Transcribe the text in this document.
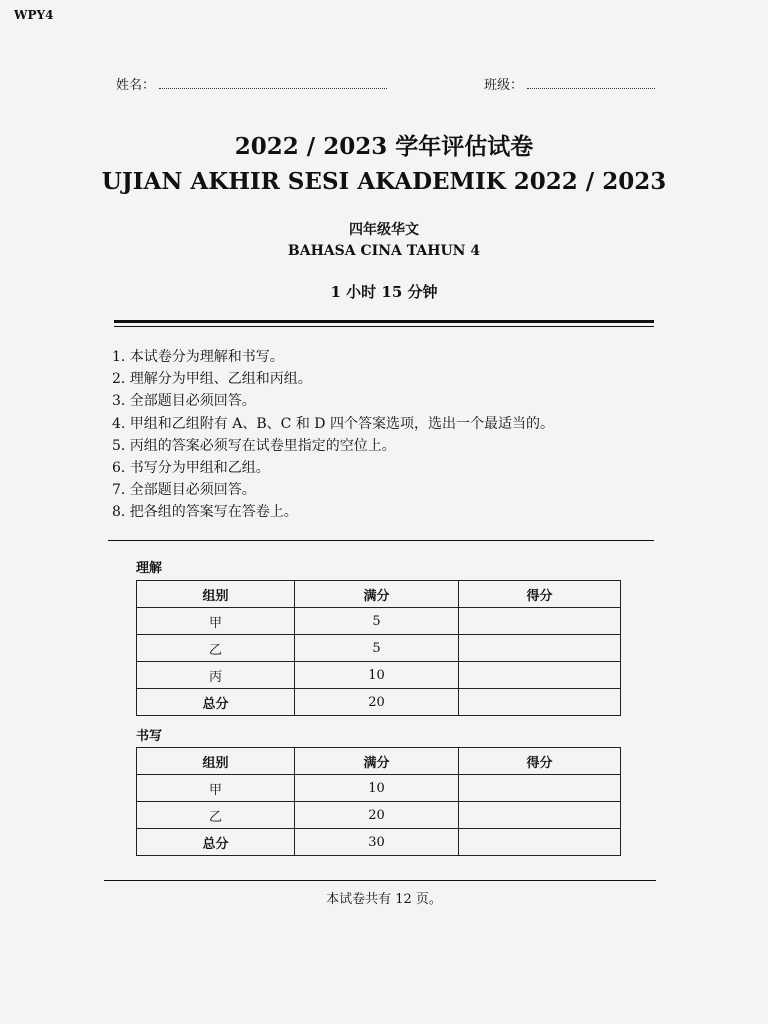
WPY4
姓名：	班级：
2022 / 2023 学年评估试卷
UJIAN AKHIR SESI AKADEMIK 2022 / 2023
四年级华文
BAHASA CINA TAHUN 4
1 小时 15 分钟
1. 本试卷分为理解和书写。
2. 理解分为甲组、乙组和丙组。
3. 全部题目必须回答。
4. 甲组和乙组附有 A、B、C 和 D 四个答案选项，选出一个最适当的。
5. 丙组的答案必须写在试卷里指定的空位上。
6. 书写分为甲组和乙组。
7. 全部题目必须回答。
8. 把各组的答案写在答卷上。
理解
组别	满分	得分
甲	5	
乙	5	
丙	10	
总分	20	
书写
组别	满分	得分
甲	10	
乙	20	
总分	30	
本试卷共有 12 页。
